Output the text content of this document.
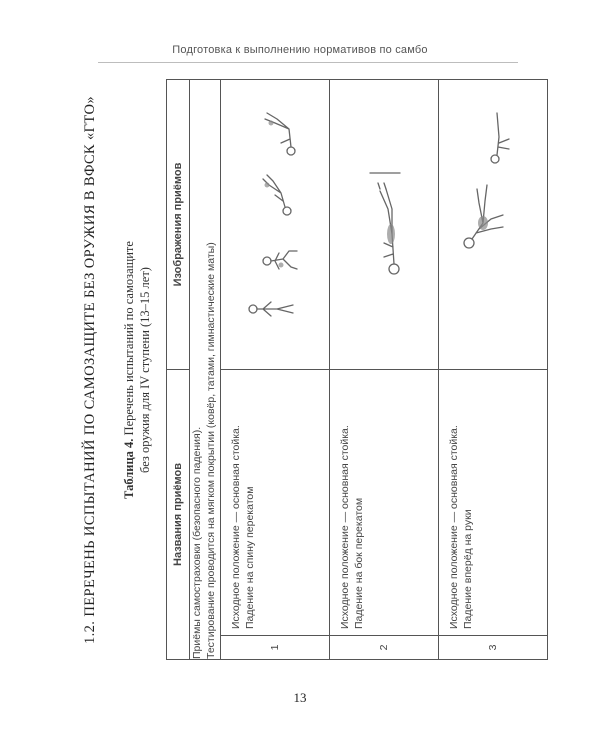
Подготовка к выполнению нормативов по самбо
1.2. ПЕРЕЧЕНЬ ИСПЫТАНИЙ ПО САМОЗАЩИТЕ БЕЗ ОРУЖИЯ В ВФСК «ГТО» Таблица 4. Перечень испытаний по самозащите без оружия для IV ступени (13–15 лет)
Названия приёмов		Изображения приёмов

Приёмы самостраховки (безопасного падения). Тестирование проводится на мягком покрытии (ковёр, татами, гимнастические маты)		

1	Исходное положение — основная стойка. Падение на спину перекатом

2	Исходное положение — основная стойка. Падение на бок перекатом

3	Исходное положение — основная стойка. Падение вперёд на руки

13
